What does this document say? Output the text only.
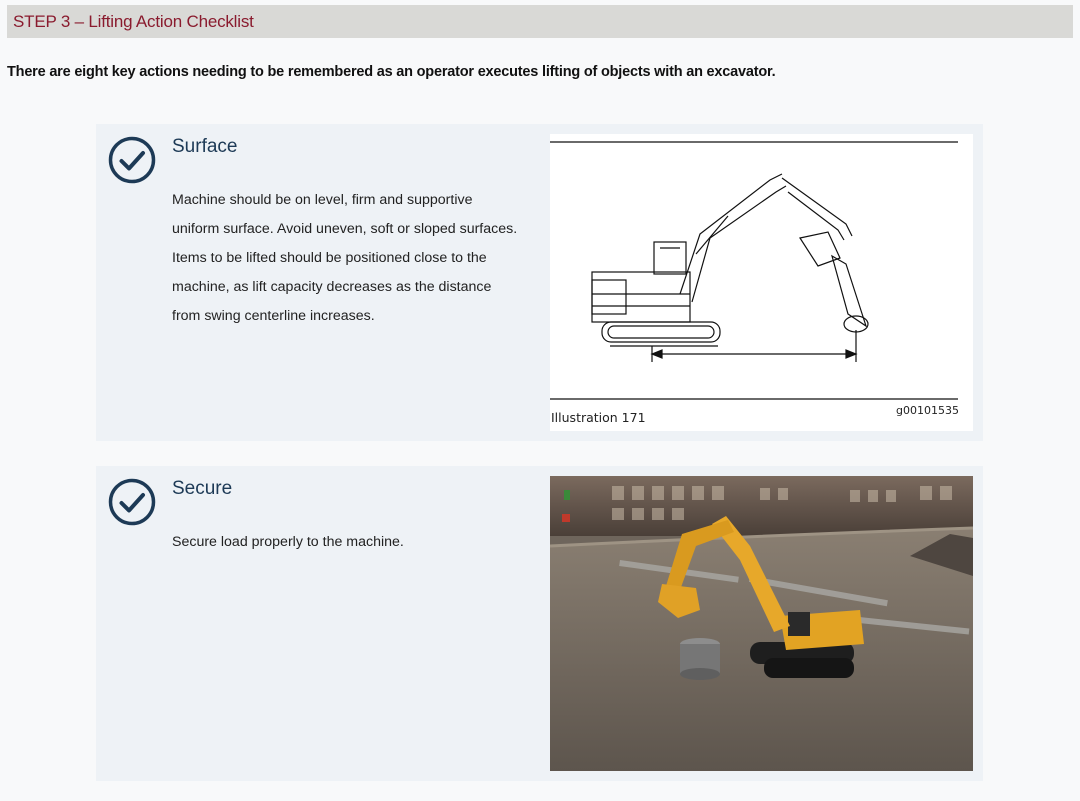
STEP 3 – Lifting Action Checklist

There are eight key actions needing to be remembered as an operator executes lifting of objects with an excavator.

Surface

Machine should be on level, firm and supportive uniform surface. Avoid uneven, soft or sloped surfaces. Items to be lifted should be positioned close to the machine, as lift capacity decreases as the distance from swing centerline increases.

Illustration 171	g00101535
Secure

Secure load properly to the machine.
